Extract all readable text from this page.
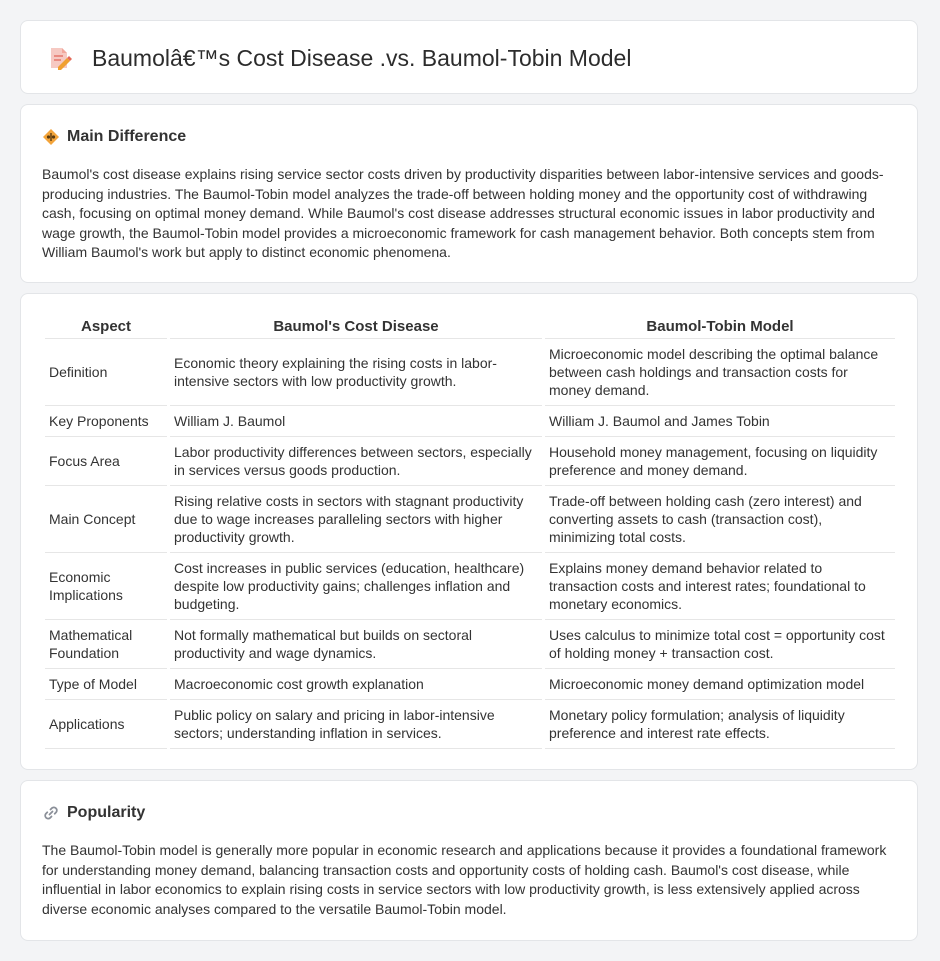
Baumolâ€™s Cost Disease .vs. Baumol-Tobin Model
Main Difference

Baumol's cost disease explains rising service sector costs driven by productivity disparities between labor-intensive services and goods-producing industries. The Baumol-Tobin model analyzes the trade-off between holding money and the opportunity cost of withdrawing cash, focusing on optimal money demand. While Baumol's cost disease addresses structural economic issues in labor productivity and wage growth, the Baumol-Tobin model provides a microeconomic framework for cash management behavior. Both concepts stem from William Baumol's work but apply to distinct economic phenomena.

Aspect	Baumol's Cost Disease	Baumol-Tobin Model
Definition	Economic theory explaining the rising costs in labor-intensive sectors with low productivity growth.	Microeconomic model describing the optimal balance between cash holdings and transaction costs for money demand.
Key Proponents	William J. Baumol	William J. Baumol and James Tobin
Focus Area	Labor productivity differences between sectors, especially in services versus goods production.	Household money management, focusing on liquidity preference and money demand.
Main Concept	Rising relative costs in sectors with stagnant productivity due to wage increases paralleling sectors with higher productivity growth.	Trade-off between holding cash (zero interest) and converting assets to cash (transaction cost), minimizing total costs.
Economic Implications	Cost increases in public services (education, healthcare) despite low productivity gains; challenges inflation and budgeting.	Explains money demand behavior related to transaction costs and interest rates; foundational to monetary economics.
Mathematical Foundation	Not formally mathematical but builds on sectoral productivity and wage dynamics.	Uses calculus to minimize total cost = opportunity cost of holding money + transaction cost.
Type of Model	Macroeconomic cost growth explanation	Microeconomic money demand optimization model
Applications	Public policy on salary and pricing in labor-intensive sectors; understanding inflation in services.	Monetary policy formulation; analysis of liquidity preference and interest rate effects.
Popularity

The Baumol-Tobin model is generally more popular in economic research and applications because it provides a foundational framework for understanding money demand, balancing transaction costs and opportunity costs of holding cash. Baumol's cost disease, while influential in labor economics to explain rising costs in service sectors with low productivity growth, is less extensively applied across diverse economic analyses compared to the versatile Baumol-Tobin model.
